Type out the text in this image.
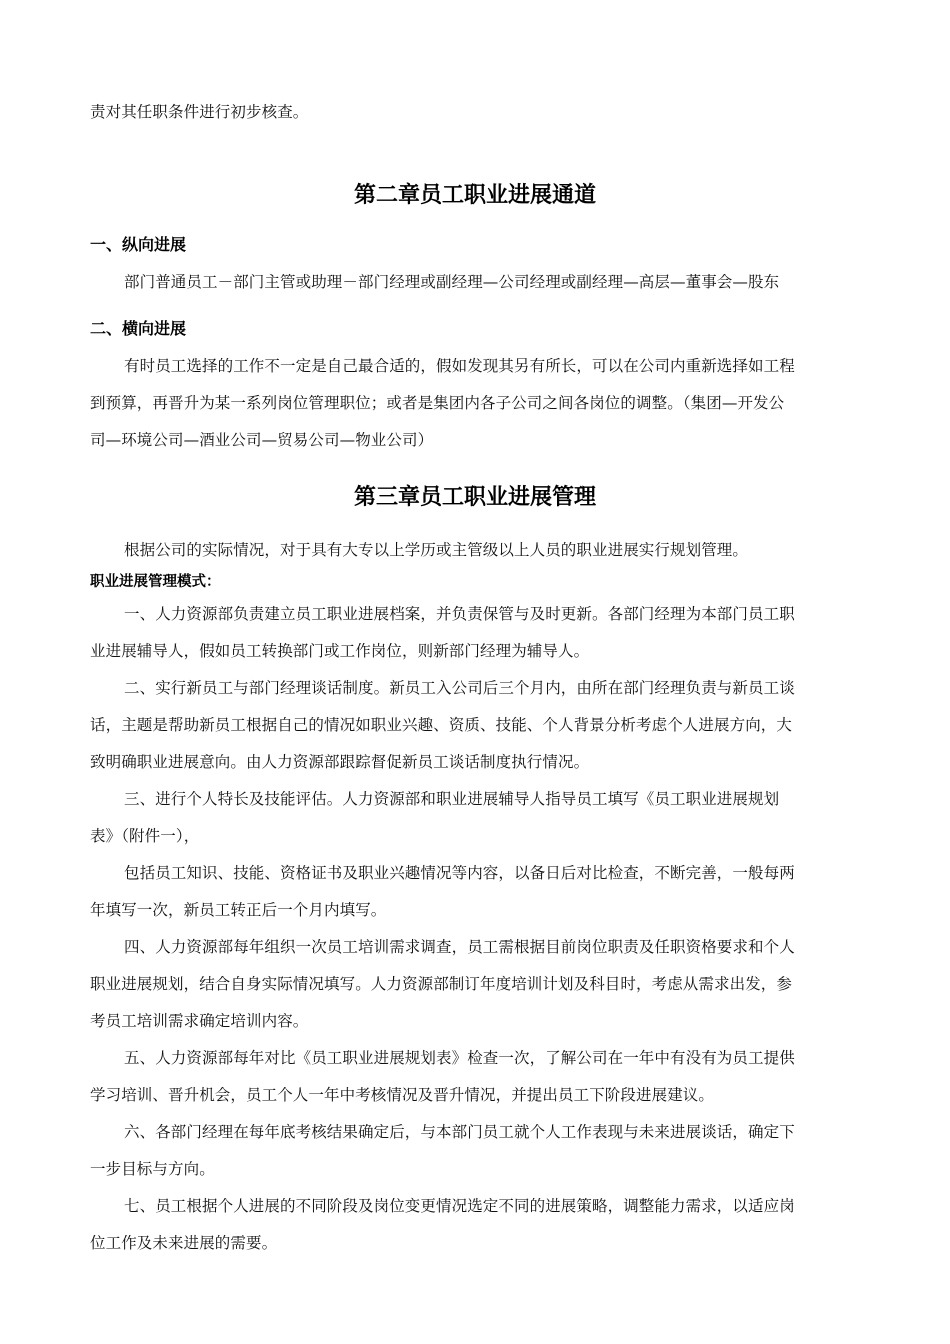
责对其任职条件进行初步核查。
第二章员工职业进展通道
一、纵向进展
部门普通员工－部门主管或助理－部门经理或副经理—公司经理或副经理—高层—董事会—股东
二、横向进展
有时员工选择的工作不一定是自己最合适的，假如发现其另有所长，可以在公司内重新选择如工程
到预算，再晋升为某一系列岗位管理职位；或者是集团内各子公司之间各岗位的调整。（集团—开发公
司—环境公司—酒业公司—贸易公司—物业公司）
第三章员工职业进展管理
根据公司的实际情况，对于具有大专以上学历或主管级以上人员的职业进展实行规划管理。
职业进展管理模式：
一、人力资源部负责建立员工职业进展档案，并负责保管与及时更新。各部门经理为本部门员工职
业进展辅导人，假如员工转换部门或工作岗位，则新部门经理为辅导人。
二、实行新员工与部门经理谈话制度。新员工入公司后三个月内，由所在部门经理负责与新员工谈
话，主题是帮助新员工根据自己的情况如职业兴趣、资质、技能、个人背景分析考虑个人进展方向，大
致明确职业进展意向。由人力资源部跟踪督促新员工谈话制度执行情况。
三、进行个人特长及技能评估。人力资源部和职业进展辅导人指导员工填写《员工职业进展规划
表》（附件一），
包括员工知识、技能、资格证书及职业兴趣情况等内容，以备日后对比检查，不断完善，一般每两
年填写一次，新员工转正后一个月内填写。
四、人力资源部每年组织一次员工培训需求调查，员工需根据目前岗位职责及任职资格要求和个人
职业进展规划，结合自身实际情况填写。人力资源部制订年度培训计划及科目时，考虑从需求出发，参
考员工培训需求确定培训内容。
五、人力资源部每年对比《员工职业进展规划表》检查一次，了解公司在一年中有没有为员工提供
学习培训、晋升机会，员工个人一年中考核情况及晋升情况，并提出员工下阶段进展建议。
六、各部门经理在每年底考核结果确定后，与本部门员工就个人工作表现与未来进展谈话，确定下
一步目标与方向。
七、员工根据个人进展的不同阶段及岗位变更情况选定不同的进展策略，调整能力需求，以适应岗
位工作及未来进展的需要。
